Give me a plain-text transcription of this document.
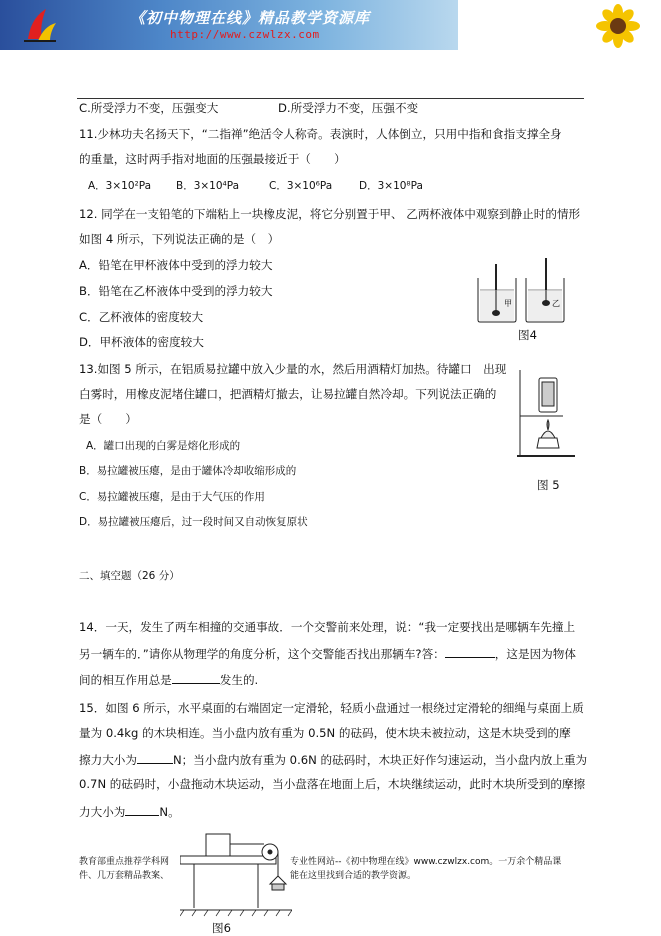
《初中物理在线》精品教学资源库
http://www.czwlzx.com
C.所受浮力不变，压强变大	D.所受浮力不变，压强不变
11.少林功夫名扬天下，“二指禅”绝活令人称奇。表演时，人体倒立，只用中指和食指支撑全身
的重量，这时两手指对地面的压强最接近于（　　）
A．3×10²Pa B．3×10⁴Pa	C．3×10⁶Pa	D．3×10⁸Pa
12. 同学在一支铅笔的下端粘上一块橡皮泥，将它分别置于甲、 乙两杯液体中观察到静止时的情形
如图 4 所示，下列说法正确的是（　）
A．铅笔在甲杯液体中受到的浮力较大
B．铅笔在乙杯液体中受到的浮力较大
C．乙杯液体的密度较大
D．甲杯液体的密度较大
甲	乙
图4
13.如图 5 所示，在铝质易拉罐中放入少量的水，然后用酒精灯加热。待罐口　出现
白雾时，用橡皮泥堵住罐口，把酒精灯撤去，让易拉罐自然冷却。下列说法正确的
是（　　）
A．罐口出现的白雾是熔化形成的
B．易拉罐被压瘪，是由于罐体冷却收缩形成的
C．易拉罐被压瘪，是由于大气压的作用
D．易拉罐被压瘪后，过一段时间又自动恢复原状
图 5
二、填空题（26 分）
14．一天，发生了两车相撞的交通事故．一个交警前来处理，说：“我一定要找出是哪辆车先撞上
另一辆车的．”请你从物理学的角度分析，这个交警能否找出那辆车?答：	，这是因为物体
间的相互作用总是	发生的.
15．如图 6 所示，水平桌面的右端固定一定滑轮，轻质小盘通过一根绕过定滑轮的细绳与桌面上质
量为 0.4kg 的木块相连。当小盘内放有重为 0.5N 的砝码，使木块未被拉动，这是木块受到的摩
擦力大小为	N；当小盘内放有重为 0.6N 的砝码时，木块正好作匀速运动，当小盘内放上重为
0.7N 的砝码时，小盘拖动木块运动，当小盘落在地面上后，木块继续运动，此时木块所受到的摩擦
力大小为	N。
图6
教育部重点推荐学科网
件、几万套精品教案、
专业性网站--《初中物理在线》www.czwlzx.com。一万余个精品课
能在这里找到合适的教学资源。
